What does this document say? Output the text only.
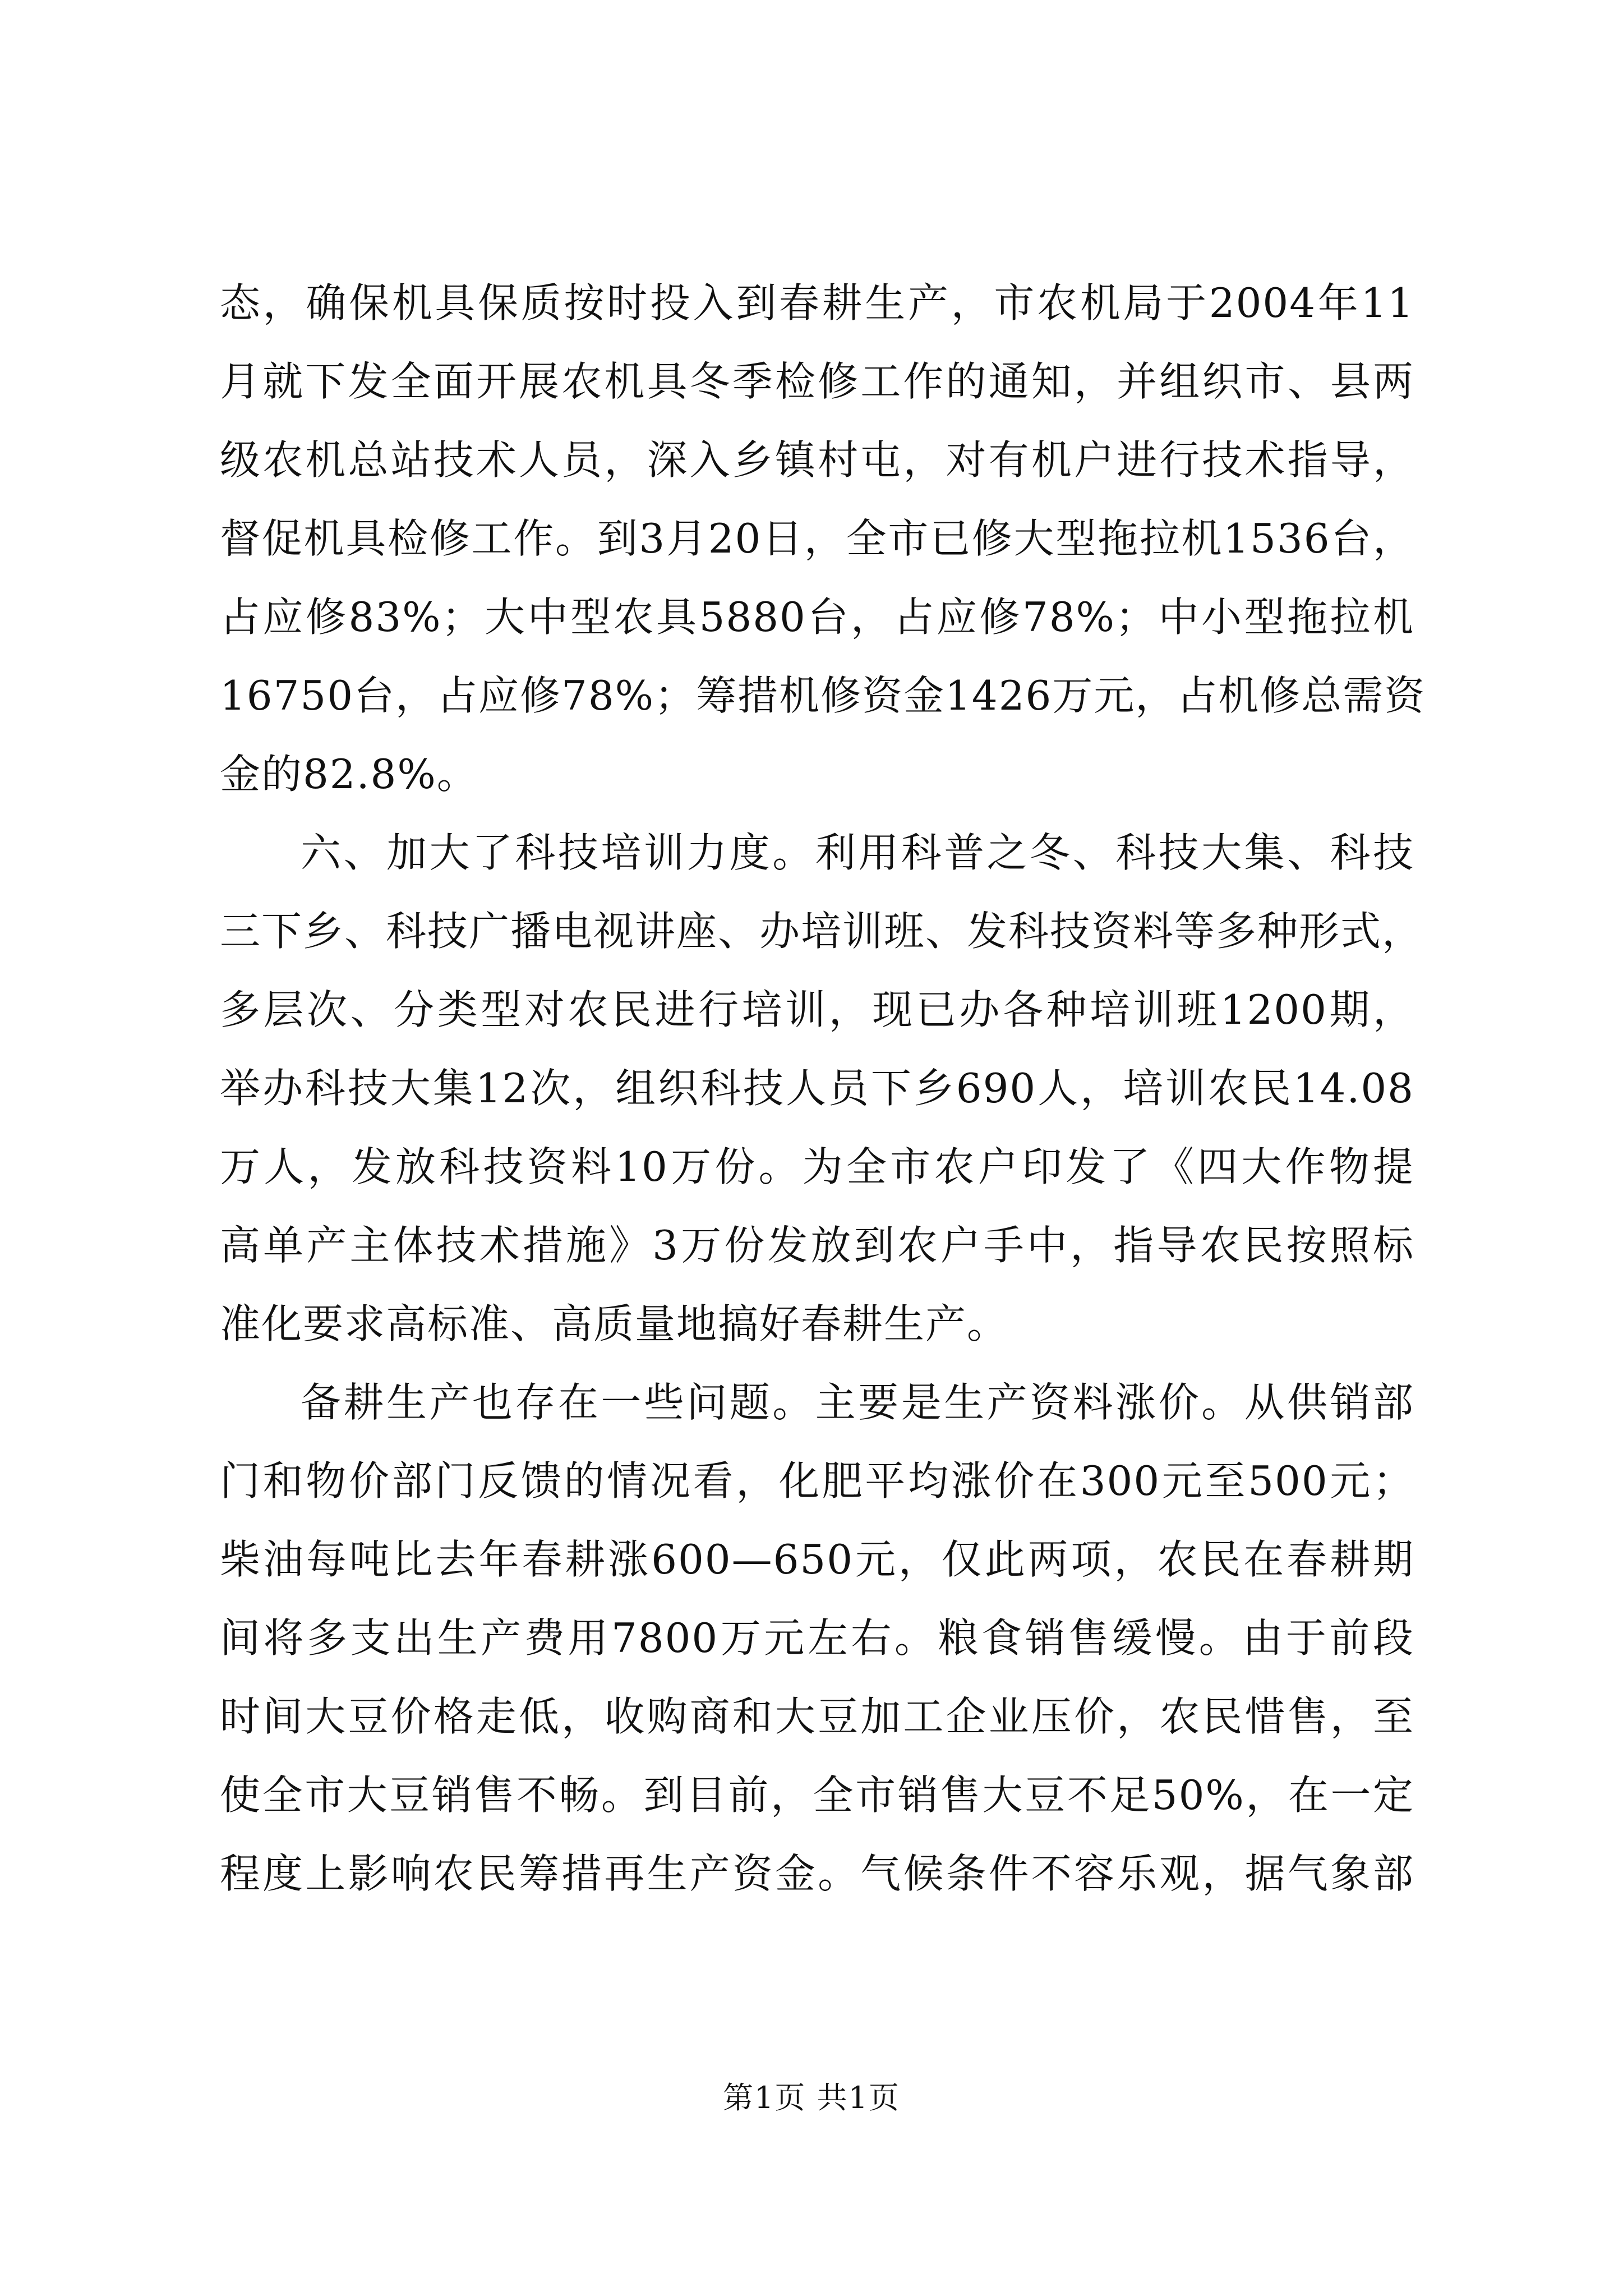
态，确保机具保质按时投入到春耕生产，市农机局于2004年11
月就下发全面开展农机具冬季检修工作的通知，并组织市、县两
级农机总站技术人员，深入乡镇村屯，对有机户进行技术指导，
督促机具检修工作。到3月20日，全市已修大型拖拉机1536台，
占应修83%；大中型农具5880台，占应修78%；中小型拖拉机
16750台，占应修78%；筹措机修资金1426万元，占机修总需资
金的82.8%。
六、加大了科技培训力度。利用科普之冬、科技大集、科技
三下乡、科技广播电视讲座、办培训班、发科技资料等多种形式，
多层次、分类型对农民进行培训，现已办各种培训班1200期，
举办科技大集12次，组织科技人员下乡690人，培训农民14.08
万人，发放科技资料10万份。为全市农户印发了《四大作物提
高单产主体技术措施》3万份发放到农户手中，指导农民按照标
准化要求高标准、高质量地搞好春耕生产。
备耕生产也存在一些问题。主要是生产资料涨价。从供销部
门和物价部门反馈的情况看，化肥平均涨价在300元至500元；
柴油每吨比去年春耕涨600—650元，仅此两项，农民在春耕期
间将多支出生产费用7800万元左右。粮食销售缓慢。由于前段
时间大豆价格走低，收购商和大豆加工企业压价，农民惜售，至
使全市大豆销售不畅。到目前，全市销售大豆不足50%，在一定
程度上影响农民筹措再生产资金。气候条件不容乐观，据气象部
第1页 共1页
